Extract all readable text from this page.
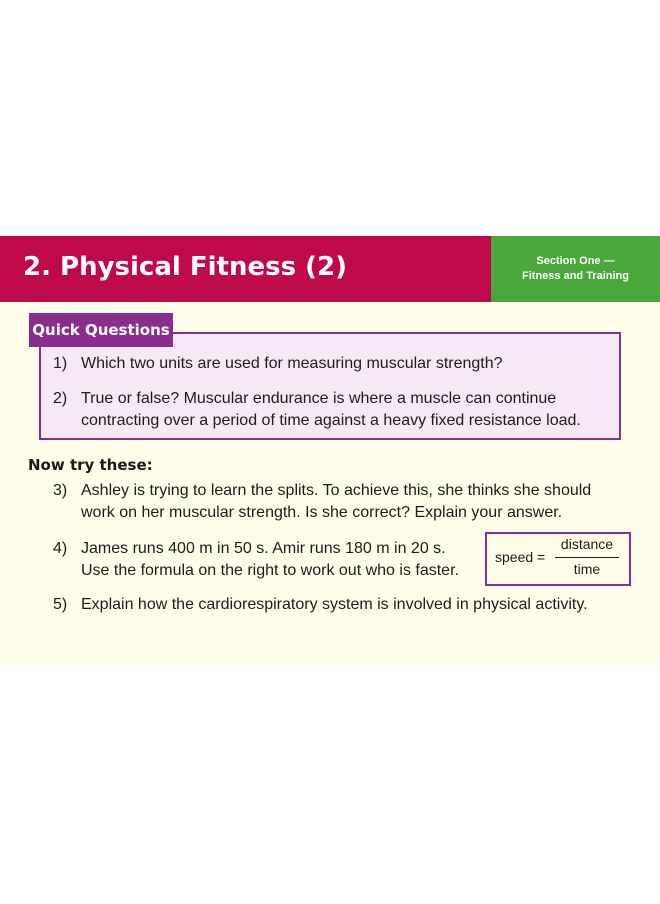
2. Physical Fitness (2)	Section One —
Fitness and Training
Quick Questions
1) Which two units are used for measuring muscular strength?
2) True or false? Muscular endurance is where a muscle can continue
contracting over a period of time against a heavy fixed resistance load.
Now try these:
3) Ashley is trying to learn the splits. To achieve this, she thinks she should
work on her muscular strength. Is she correct? Explain your answer.
4) James runs 400 m in 50 s. Amir runs 180 m in 20 s.
Use the formula on the right to work out who is faster.
speed =
distance
time
5) Explain how the cardiorespiratory system is involved in physical activity.
